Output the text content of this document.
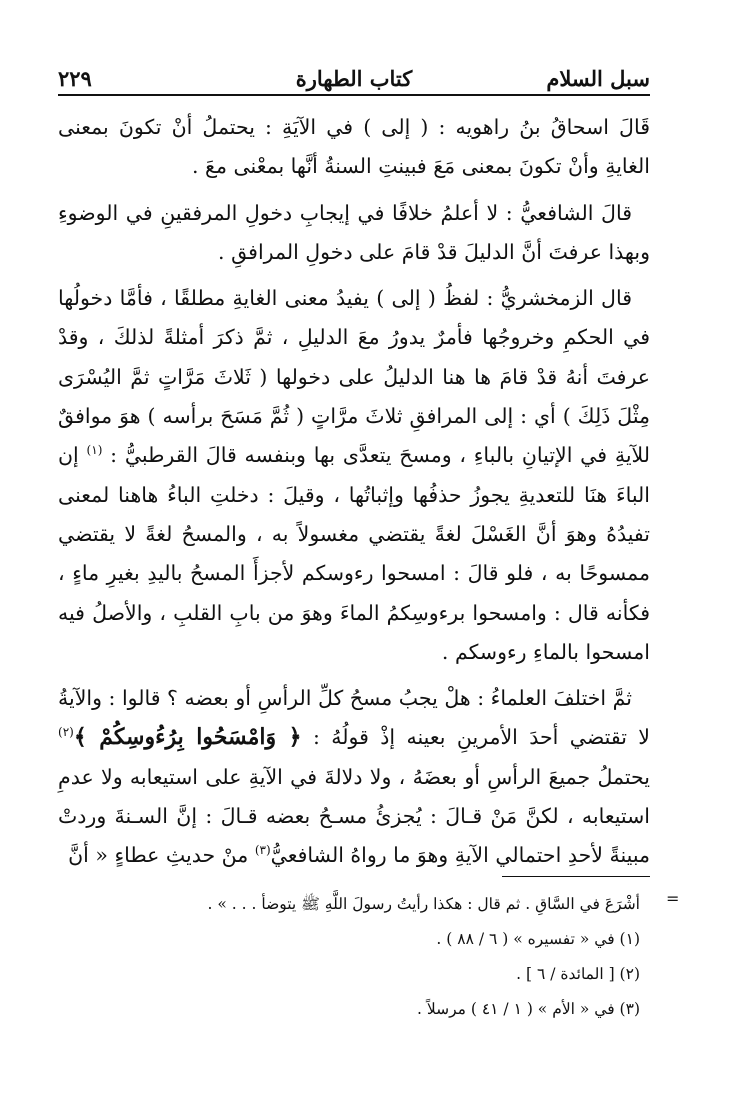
سبل السلام
كتاب الطهارة
٢٢٩

قَالَ اسحاقُ بنُ راهويه : ( إلى ) في الآيَةِ : يحتملُ أنْ تكونَ بمعنى الغايةِ وأنْ تكونَ بمعنى مَعَ فبينتِ السنةُ أنَّها بمعْنى معَ .

قالَ الشافعيُّ : لا أعلمُ خلافًا في إيجابِ دخولِ المرفقينِ في الوضوءِ وبهذا عرفتَ أنَّ الدليلَ قدْ قامَ على دخولِ المرافقِ .

قال الزمخشريُّ : لفظُ ( إلى ) يفيدُ معنى الغايةِ مطلقًا ، فأمَّا دخولُها في الحكمِ وخروجُها فأمرٌ يدورُ معَ الدليلِ ، ثمَّ ذكرَ أمثلةً لذلكَ ، وقدْ عرفتَ أنهُ قدْ قامَ ها هنا الدليلُ على دخولها ( ثَلاثَ مَرَّاتٍ ثمَّ اليُسْرَى مِثْلَ ذَلِكَ ) أي : إلى المرافقِ ثلاثَ مرَّاتٍ ( ثُمَّ مَسَحَ برأسه ) هوَ موافقٌ للآيةِ في الإتيانِ بالباءِ ، ومسحَ يتعدَّى بها وبنفسه قالَ القرطبيُّ : $^{(١)}$ إن الباءَ هنَا للتعديةِ يجوزُ حذفُها وإثباتُها ، وقيلَ : دخلتِ الباءُ هاهنا لمعنى تفيدُهُ وهوَ أنَّ الغَسْلَ لغةً يقتضي مغسولاً به ، والمسحُ لغةً لا يقتضي ممسوحًا به ، فلو قالَ : امسحوا رءوسكم لأجزأَ المسحُ باليدِ بغيرِ ماءٍ ، فكأنه قال : وامسحوا برءوسِكمُ الماءَ وهوَ من بابِ القلبِ ، والأصلُ فيه امسحوا بالماءِ رءوسكم .

ثمَّ اختلفَ العلماءُ : هلْ يجبُ مسحُ كلِّ الرأسِ أو بعضه ؟ قالوا : والآيةُ لا تقتضي أحدَ الأمرينِ بعينه إذْ قولُهُ : ﴿ وَامْسَحُوا بِرُءُوسِكُمْ ﴾$^{(٢)}$ يحتملُ جميعَ الرأسِ أو بعضَهُ ، ولا دلالةَ في الآيةِ على استيعابه ولا عدمِ استيعابه ، لكنَّ مَنْ قـالَ : يُجزئُ مسـحُ بعضه قـالَ : إنَّ السـنةَ وردتْ مبينةً لأحدِ احتمالي الآيةِ وهوَ ما رواهُ الشافعيُّ$^{(٣)}$ منْ حديثِ عطاءٍ « أنَّ

=
أشْرَعَ في السَّاقِ . ثم قال : هكذا رأيتُ رسولَ اللَّهِ ﷺ يتوضأ . . . » .
(١) في « تفسيره » ( ٦ / ٨٨ ) .
(٢) [ المائدة / ٦ ] .
(٣) في « الأم » ( ١ / ٤١ ) مرسلاً .
